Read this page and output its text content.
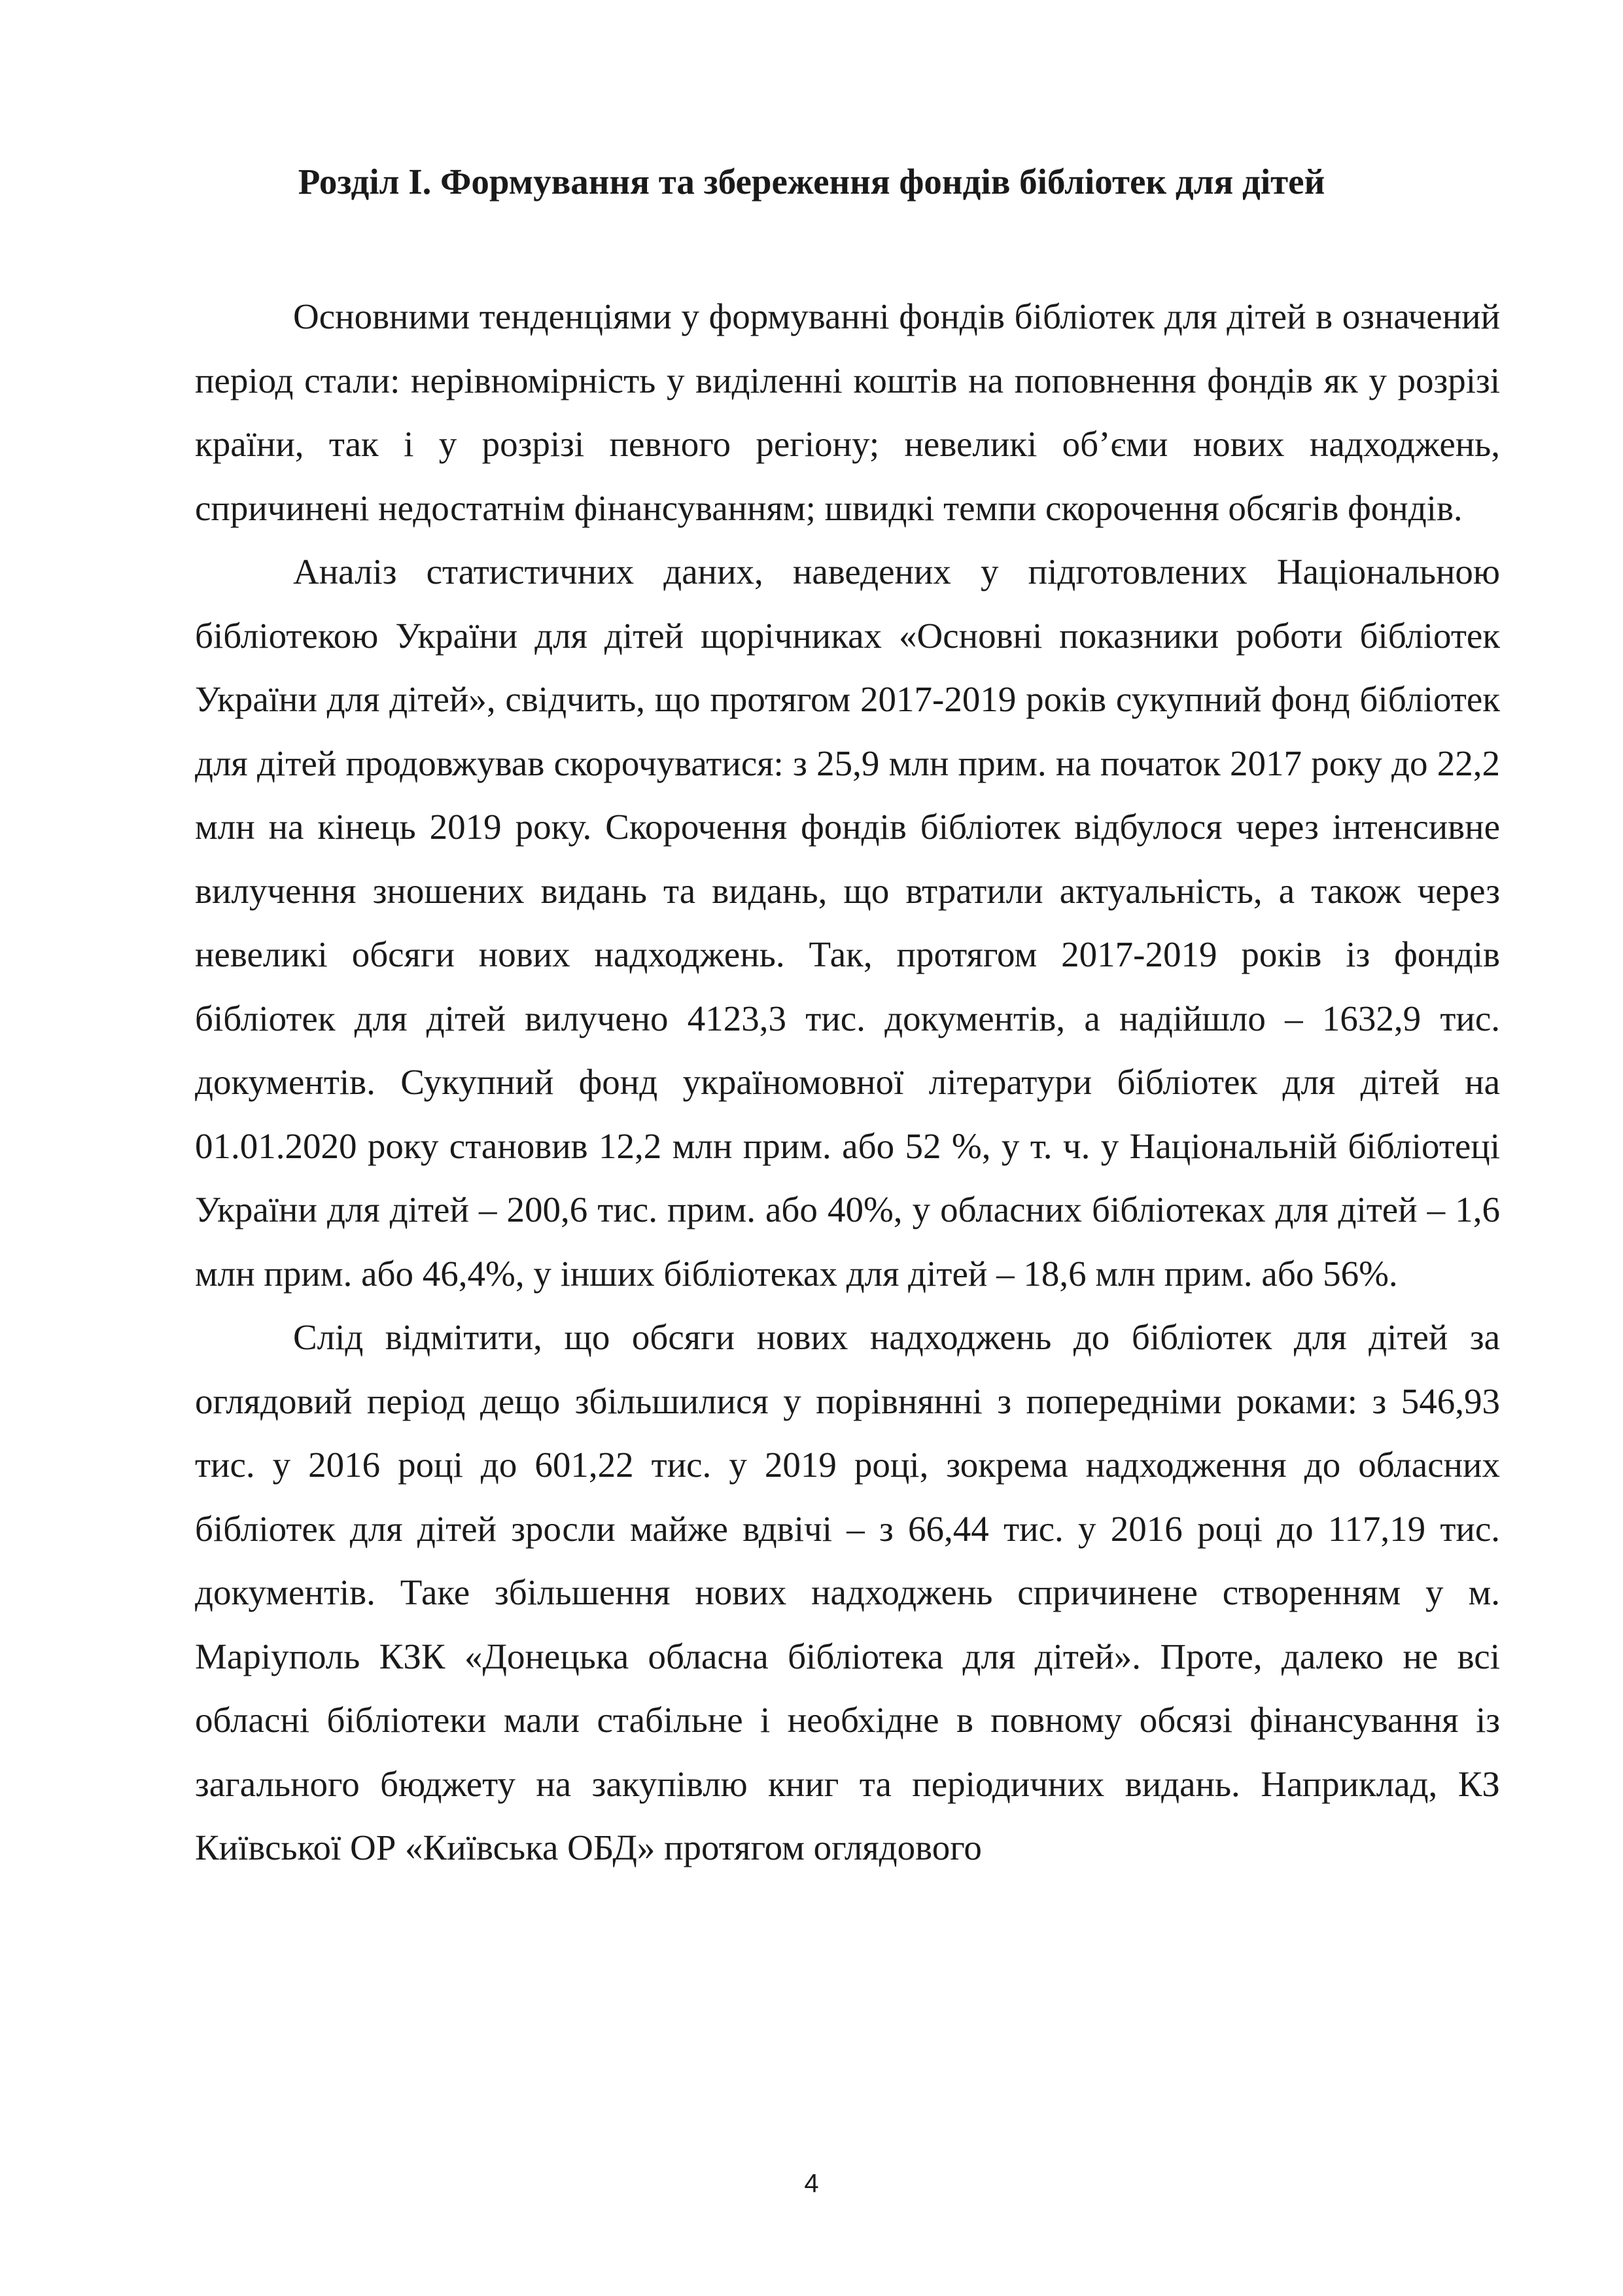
Розділ І. Формування та збереження фондів бібліотек для дітей

Основними тенденціями у формуванні фондів бібліотек для дітей в означений період стали: нерівномірність у виділенні коштів на поповнення фондів як у розрізі країни, так і у розрізі певного регіону; невеликі об’єми нових надходжень, спричинені недостатнім фінансуванням; швидкі темпи скорочення обсягів фондів.

Аналіз статистичних даних, наведених у підготовлених Національною бібліотекою України для дітей щорічниках «Основні показники роботи бібліотек України для дітей», свідчить, що протягом 2017-2019 років сукупний фонд бібліотек для дітей продовжував скорочуватися: з 25,9 млн прим. на початок 2017 року до 22,2 млн на кінець 2019 року. Скорочення фондів бібліотек відбулося через інтенсивне вилучення зношених видань та видань, що втратили актуальність, а також через невеликі обсяги нових надходжень. Так, протягом 2017-2019 років із фондів бібліотек для дітей вилучено 4123,3 тис. документів, а надійшло – 1632,9 тис. документів. Сукупний фонд україномовної літератури бібліотек для дітей на 01.01.2020 року становив 12,2 млн прим. або 52 %, у т. ч. у Національній бібліотеці України для дітей – 200,6 тис. прим. або 40%, у обласних бібліотеках для дітей – 1,6 млн прим. або 46,4%, у інших бібліотеках для дітей – 18,6 млн прим. або 56%.

Слід відмітити, що обсяги нових надходжень до бібліотек для дітей за оглядовий період дещо збільшилися у порівнянні з попередніми роками: з 546,93 тис. у 2016 році до 601,22 тис. у 2019 році, зокрема надходження до обласних бібліотек для дітей зросли майже вдвічі – з 66,44 тис. у 2016 році до 117,19 тис. документів. Таке збільшення нових надходжень спричинене створенням у м. Маріуполь КЗК «Донецька обласна бібліотека для дітей». Проте, далеко не всі обласні бібліотеки мали стабільне і необхідне в повному обсязі фінансування із загального бюджету на закупівлю книг та періодичних видань. Наприклад, КЗ Київської ОР «Київська ОБД» протягом оглядового

4
